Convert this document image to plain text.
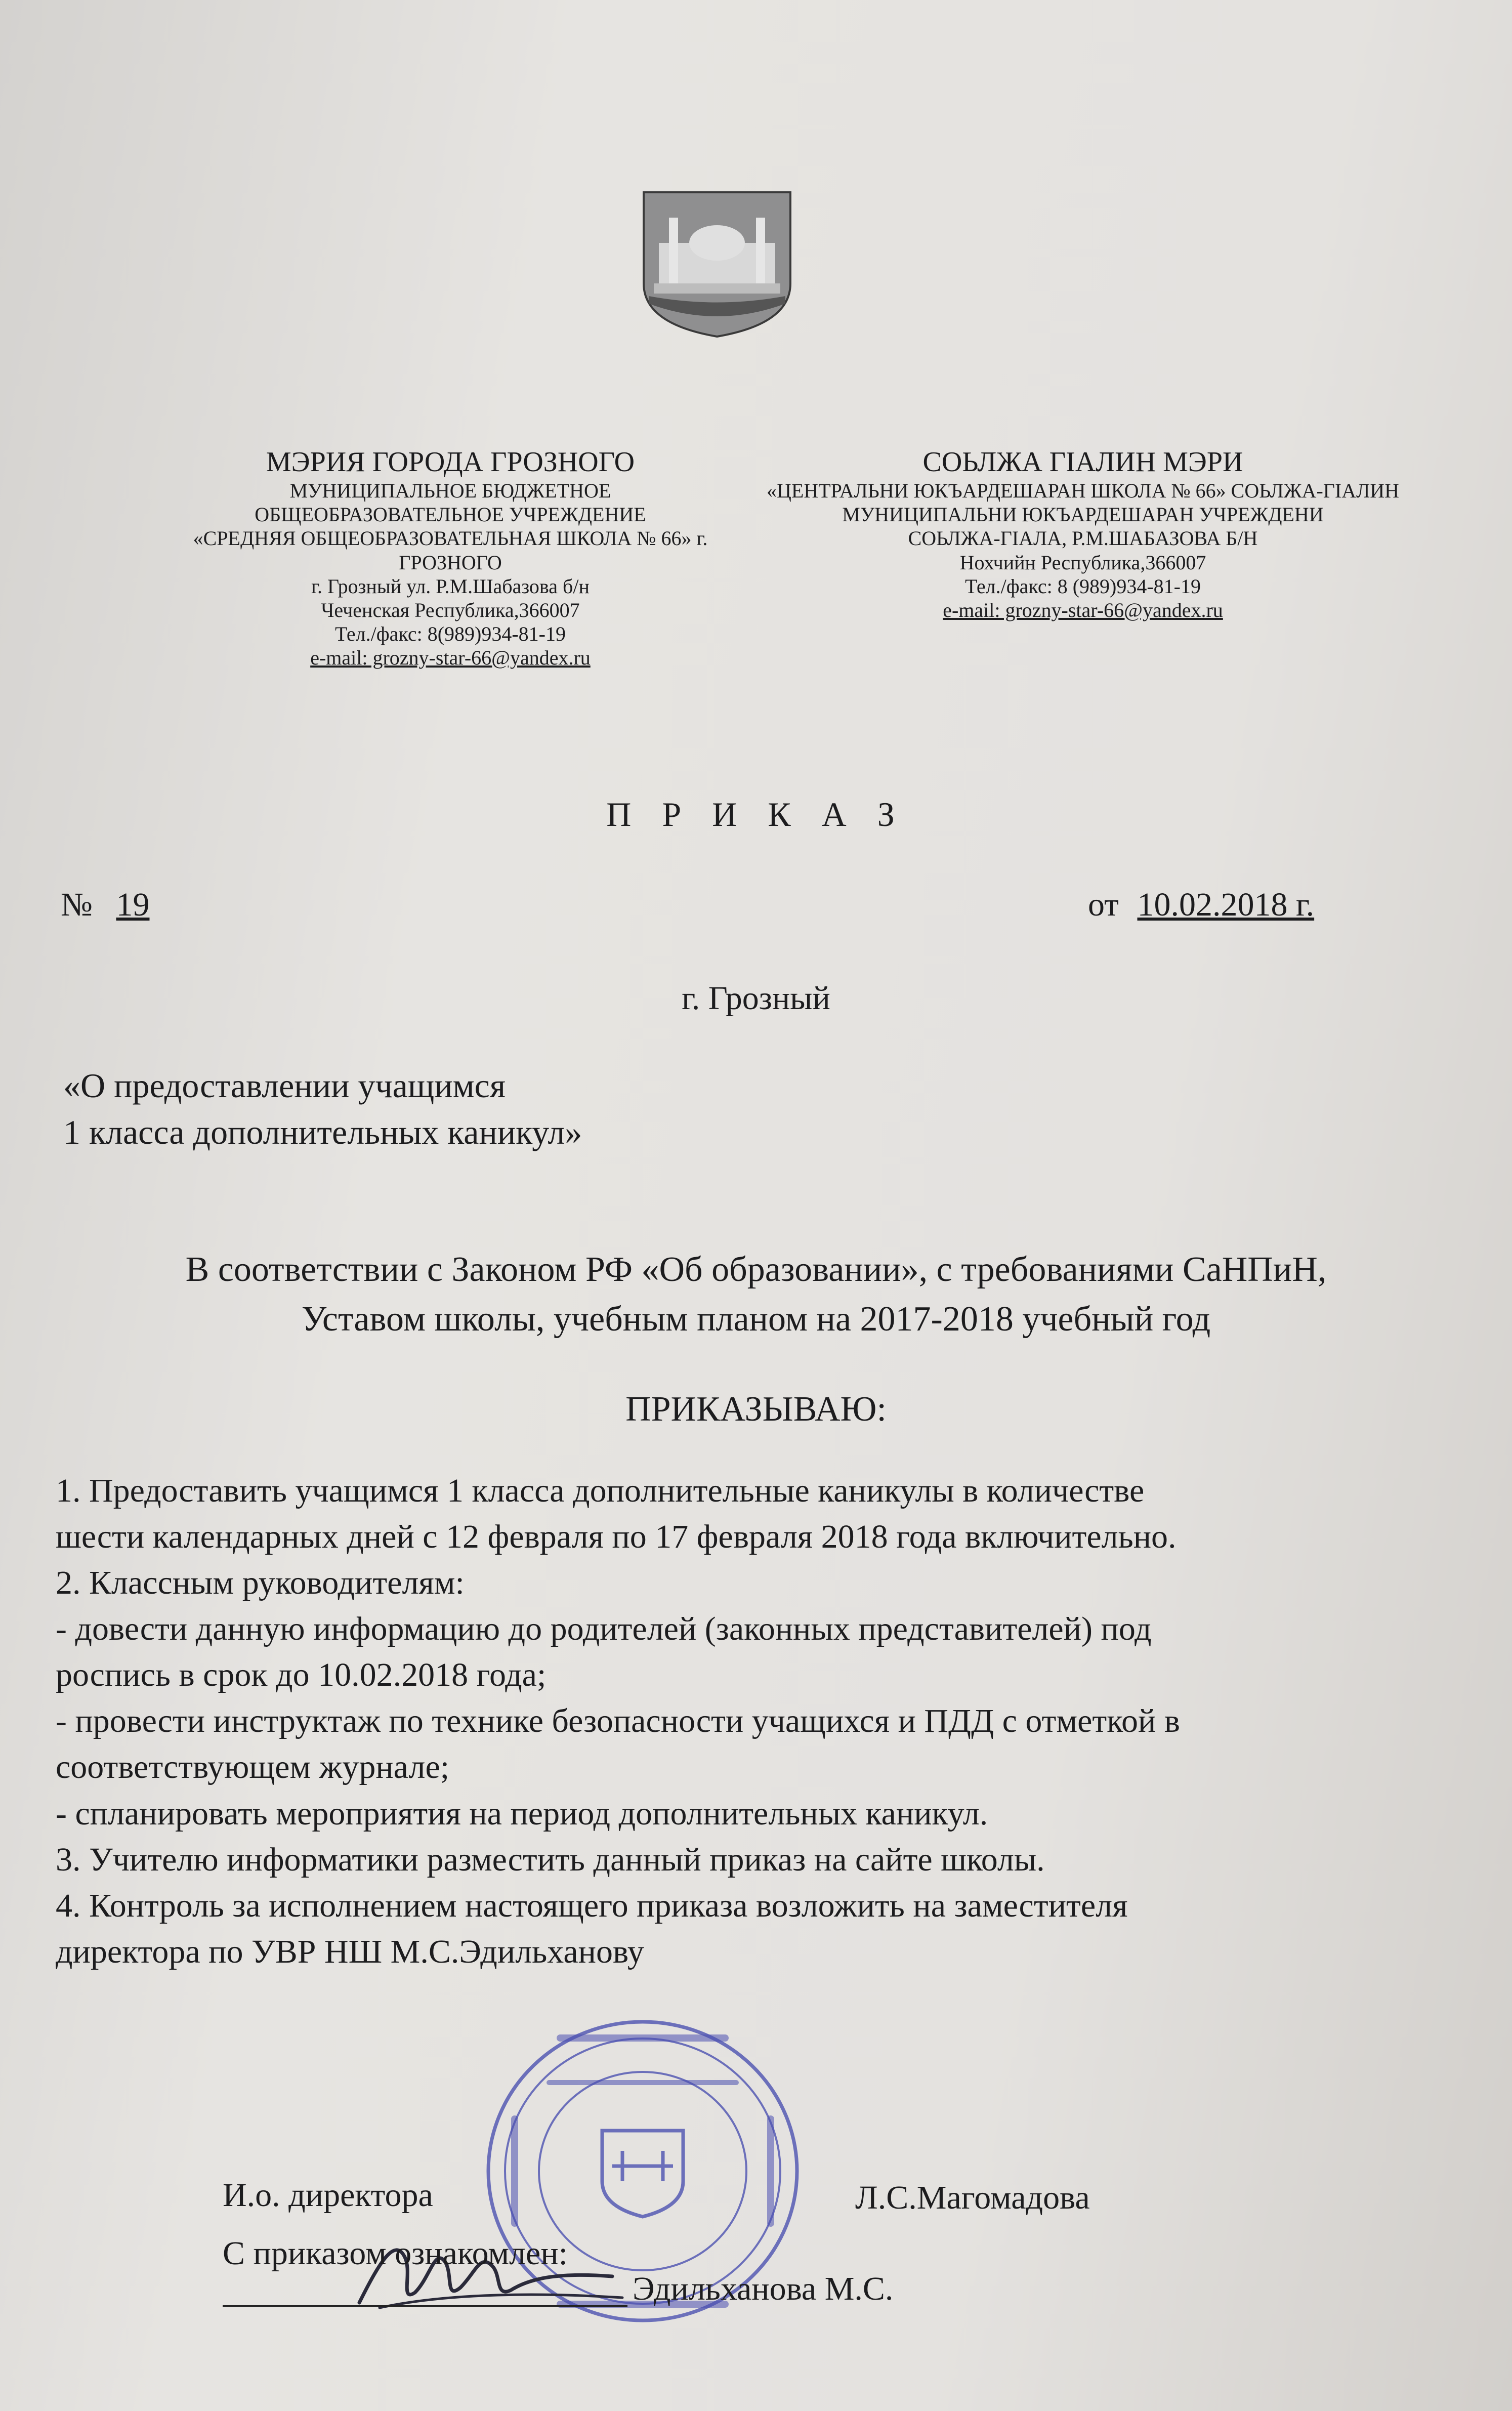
МЭРИЯ ГОРОДА ГРОЗНОГО
МУНИЦИПАЛЬНОЕ БЮДЖЕТНОЕ
ОБЩЕОБРАЗОВАТЕЛЬНОЕ УЧРЕЖДЕНИЕ
«СРЕДНЯЯ ОБЩЕОБРАЗОВАТЕЛЬНАЯ ШКОЛА № 66» г. ГРОЗНОГО
г. Грозный ул. Р.М.Шабазова б/н
Чеченская Республика,366007
Тел./факс: 8(989)934-81-19
e-mail: grozny-star-66@yandex.ru
СОЬЛЖА ГІАЛИН МЭРИ
«ЦЕНТРАЛЬНИ ЮКЪАРДЕШАРАН ШКОЛА № 66» СОЬЛЖА-ГІАЛИН
МУНИЦИПАЛЬНИ ЮКЪАРДЕШАРАН УЧРЕЖДЕНИ
СОЬЛЖА-ГІАЛА, Р.М.ШАБАЗОВА Б/Н
Нохчийн Республика,366007
Тел./факс: 8 (989)934-81-19
e-mail: grozny-star-66@yandex.ru
П Р И К А З
№ 19	от 10.02.2018 г.
г. Грозный
«О предоставлении учащимся
1 класса дополнительных каникул»
В соответствии с Законом РФ «Об образовании», с требованиями СаНПиН,
Уставом школы, учебным планом на 2017-2018 учебный год
ПРИКАЗЫВАЮ:
1. Предоставить учащимся 1 класса дополнительные каникулы в количестве
шести календарных дней с 12 февраля по 17 февраля 2018 года включительно.
2. Классным руководителям:
- довести данную информацию до родителей (законных представителей) под
роспись в срок до 10.02.2018 года;
- провести инструктаж по технике безопасности учащихся и ПДД с отметкой в
соответствующем журнале;
- спланировать мероприятия на период дополнительных каникул.
3. Учителю информатики разместить данный приказ на сайте школы.
4. Контроль за исполнением настоящего приказа возложить на заместителя
директора по УВР НШ М.С.Эдильханову
И.о. директора	Л.С.Магомадова
С приказом ознакомлен:
Эдильханова М.С.
